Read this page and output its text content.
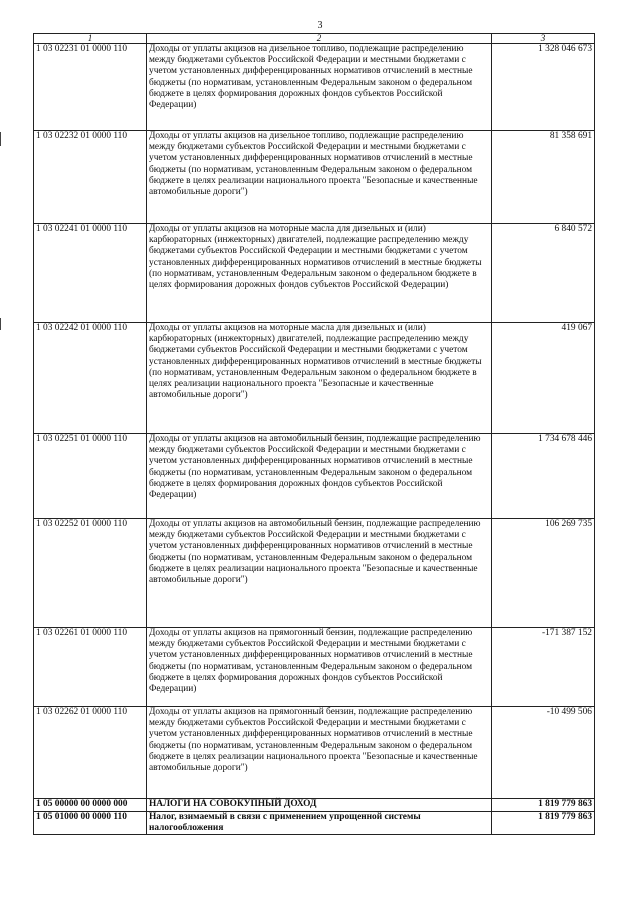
3
1	2	3
1 03 02231 01 0000 110	Доходы от уплаты акцизов на дизельное топливо, подлежащие распределению между бюджетами субъектов Российской Федерации и местными бюджетами с учетом установленных дифференцированных нормативов отчислений в местные бюджеты (по нормативам, установленным Федеральным законом о федеральном бюджете в целях формирования дорожных фондов субъектов Российской Федерации)	1 328 046 673
1 03 02232 01 0000 110	Доходы от уплаты акцизов на дизельное топливо, подлежащие распределению между бюджетами субъектов Российской Федерации и местными бюджетами с учетом установленных дифференцированных нормативов отчислений в местные бюджеты (по нормативам, установленным Федеральным законом о федеральном бюджете в целях реализации национального проекта "Безопасные и качественные автомобильные дороги")	81 358 691
1 03 02241 01 0000 110	Доходы от уплаты акцизов на моторные масла для дизельных и (или) карбюраторных (инжекторных) двигателей, подлежащие распределению между бюджетами субъектов Российской Федерации и местными бюджетами с учетом установленных дифференцированных нормативов отчислений в местные бюджеты (по нормативам, установленным Федеральным законом о федеральном бюджете в целях формирования дорожных фондов субъектов Российской Федерации)	6 840 572
1 03 02242 01 0000 110	Доходы от уплаты акцизов на моторные масла для дизельных и (или) карбюраторных (инжекторных) двигателей, подлежащие распределению между бюджетами субъектов Российской Федерации и местными бюджетами с учетом установленных дифференцированных нормативов отчислений в местные бюджеты (по нормативам, установленным Федеральным законом о федеральном бюджете в целях реализации национального проекта "Безопасные и качественные автомобильные дороги")	419 067
1 03 02251 01 0000 110	Доходы от уплаты акцизов на автомобильный бензин, подлежащие распределению между бюджетами субъектов Российской Федерации и местными бюджетами с учетом установленных дифференцированных нормативов отчислений в местные бюджеты (по нормативам, установленным Федеральным законом о федеральном бюджете в целях формирования дорожных фондов субъектов Российской Федерации)	1 734 678 446
1 03 02252 01 0000 110	Доходы от уплаты акцизов на автомобильный бензин, подлежащие распределению между бюджетами субъектов Российской Федерации и местными бюджетами с учетом установленных дифференцированных нормативов отчислений в местные бюджеты (по нормативам, установленным Федеральным законом о федеральном бюджете в целях реализации национального проекта "Безопасные и качественные автомобильные дороги")	106 269 735
1 03 02261 01 0000 110	Доходы от уплаты акцизов на прямогонный бензин, подлежащие распределению между бюджетами субъектов Российской Федерации и местными бюджетами с учетом установленных дифференцированных нормативов отчислений в местные бюджеты (по нормативам, установленным Федеральным законом о федеральном бюджете в целях формирования дорожных фондов субъектов Российской Федерации)	-171 387 152
1 03 02262 01 0000 110	Доходы от уплаты акцизов на прямогонный бензин, подлежащие распределению между бюджетами субъектов Российской Федерации и местными бюджетами с учетом установленных дифференцированных нормативов отчислений в местные бюджеты (по нормативам, установленным Федеральным законом о федеральном бюджете в целях реализации национального проекта "Безопасные и качественные автомобильные дороги")	-10 499 506
1 05 00000 00 0000 000	НАЛОГИ НА СОВОКУПНЫЙ ДОХОД	1 819 779 863
1 05 01000 00 0000 110	Налог, взимаемый в связи с применением упрощенной системы налогообложения	1 819 779 863
